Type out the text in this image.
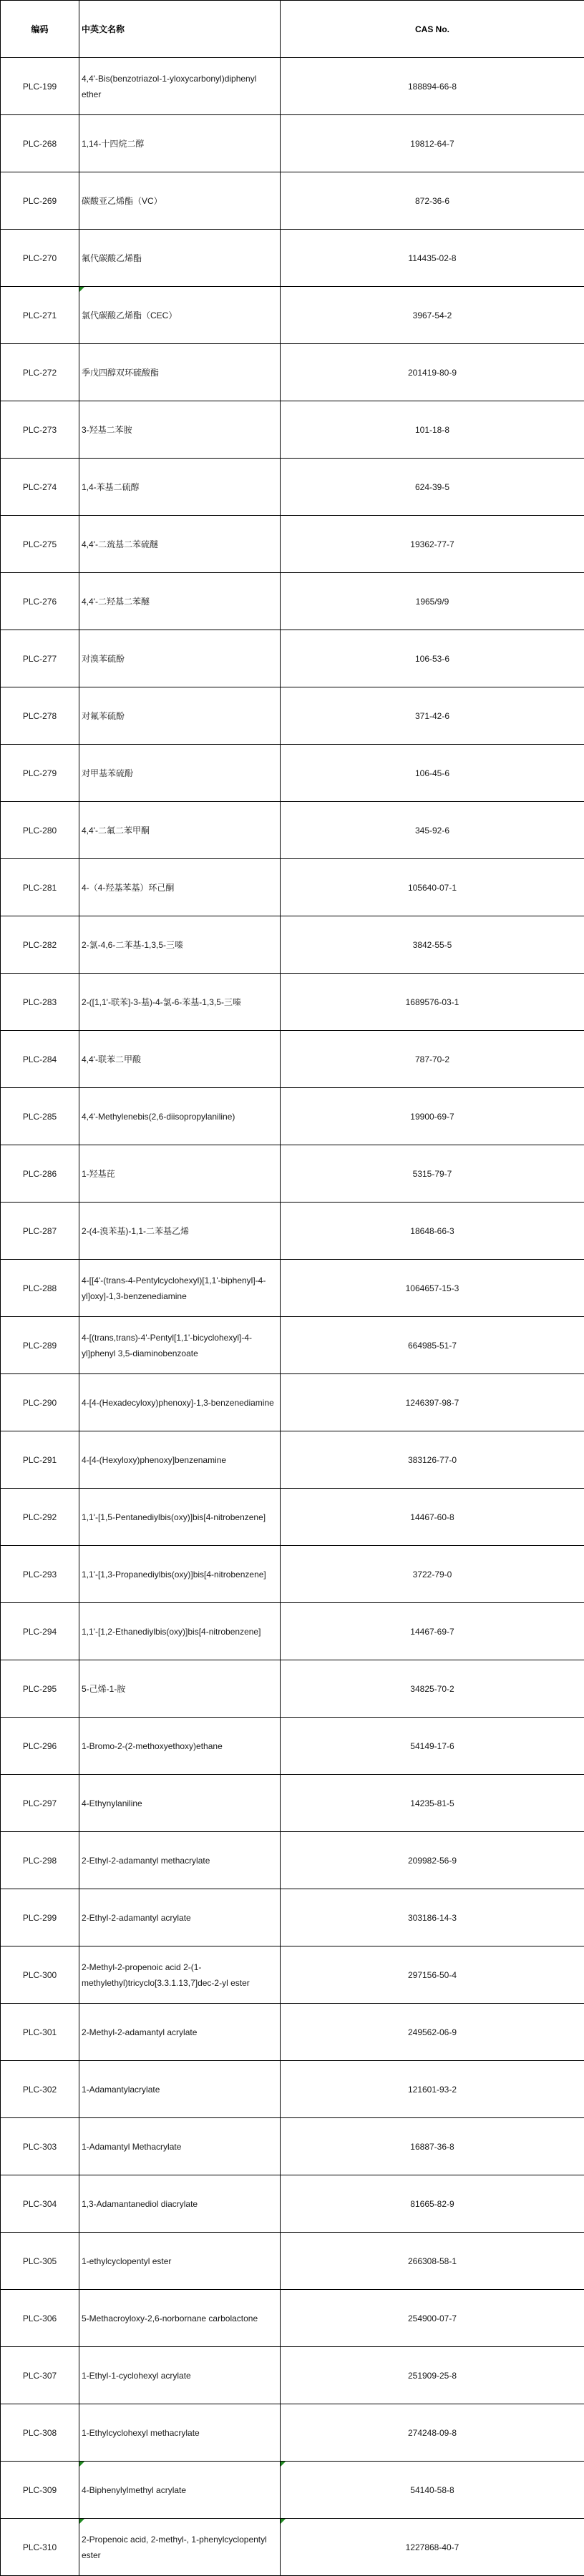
编码	中英文名称	CAS No.
PLC-199	4,4'-Bis(benzotriazol-1-yloxycarbonyl)diphenyl ether	188894-66-8
PLC-268	1,14-十四烷二醇	19812-64-7
PLC-269	碳酸亚乙烯酯（VC）	872-36-6
PLC-270	氟代碳酸乙烯酯	114435-02-8
PLC-271	氯代碳酸乙烯酯（CEC）	3967-54-2
PLC-272	季戊四醇双环硫酸酯	201419-80-9
PLC-273	3-羟基二苯胺	101-18-8
PLC-274	1,4-苯基二硫醇	624-39-5
PLC-275	4,4'-二巯基二苯硫醚	19362-77-7
PLC-276	4,4'-二羟基二苯醚	1965/9/9
PLC-277	对溴苯硫酚	106-53-6
PLC-278	对氟苯硫酚	371-42-6
PLC-279	对甲基苯硫酚	106-45-6
PLC-280	4,4'-二氟二苯甲酮	345-92-6
PLC-281	4-（4-羟基苯基）环己酮	105640-07-1
PLC-282	2-氯-4,6-二苯基-1,3,5-三嗪	3842-55-5
PLC-283	2-([1,1'-联苯]-3-基)-4-氯-6-苯基-1,3,5-三嗪	1689576-03-1
PLC-284	4,4'-联苯二甲酸	787-70-2
PLC-285	4,4'-Methylenebis(2,6-diisopropylaniline)	19900-69-7
PLC-286	1-羟基芘	5315-79-7
PLC-287	2-(4-溴苯基)-1,1-二苯基乙烯	18648-66-3
PLC-288	4-[[4'-(trans-4-Pentylcyclohexyl)[1,1'-biphenyl]-4-yl]oxy]-1,3-benzenediamine	1064657-15-3
PLC-289	4-[(trans,trans)-4'-Pentyl[1,1'-bicyclohexyl]-4-yl]phenyl 3,5-diaminobenzoate	664985-51-7
PLC-290	4-[4-(Hexadecyloxy)phenoxy]-1,3-benzenediamine	1246397-98-7
PLC-291	4-[4-(Hexyloxy)phenoxy]benzenamine	383126-77-0
PLC-292	1,1'-[1,5-Pentanediylbis(oxy)]bis[4-nitrobenzene]	14467-60-8
PLC-293	1,1'-[1,3-Propanediylbis(oxy)]bis[4-nitrobenzene]	3722-79-0
PLC-294	1,1'-[1,2-Ethanediylbis(oxy)]bis[4-nitrobenzene]	14467-69-7
PLC-295	5-己烯-1-胺	34825-70-2
PLC-296	1-Bromo-2-(2-methoxyethoxy)ethane	54149-17-6
PLC-297	4-Ethynylaniline	14235-81-5
PLC-298	2-Ethyl-2-adamantyl methacrylate	209982-56-9
PLC-299	2-Ethyl-2-adamantyl acrylate	303186-14-3
PLC-300	2-Methyl-2-propenoic acid 2-(1-methylethyl)tricyclo[3.3.1.13,7]dec-2-yl ester	297156-50-4
PLC-301	2-Methyl-2-adamantyl acrylate	249562-06-9
PLC-302	1-Adamantylacrylate	121601-93-2
PLC-303	1-Adamantyl Methacrylate	16887-36-8
PLC-304	1,3-Adamantanediol diacrylate	81665-82-9
PLC-305	1-ethylcyclopentyl ester	266308-58-1
PLC-306	5-Methacroyloxy-2,6-norbornane carbolactone	254900-07-7
PLC-307	1-Ethyl-1-cyclohexyl acrylate	251909-25-8
PLC-308	1-Ethylcyclohexyl methacrylate	274248-09-8
PLC-309	4-Biphenylylmethyl acrylate	54140-58-8

PLC-310	2-Propenoic acid, 2-methyl-, 1-phenylcyclopentyl ester	1227868-40-7
